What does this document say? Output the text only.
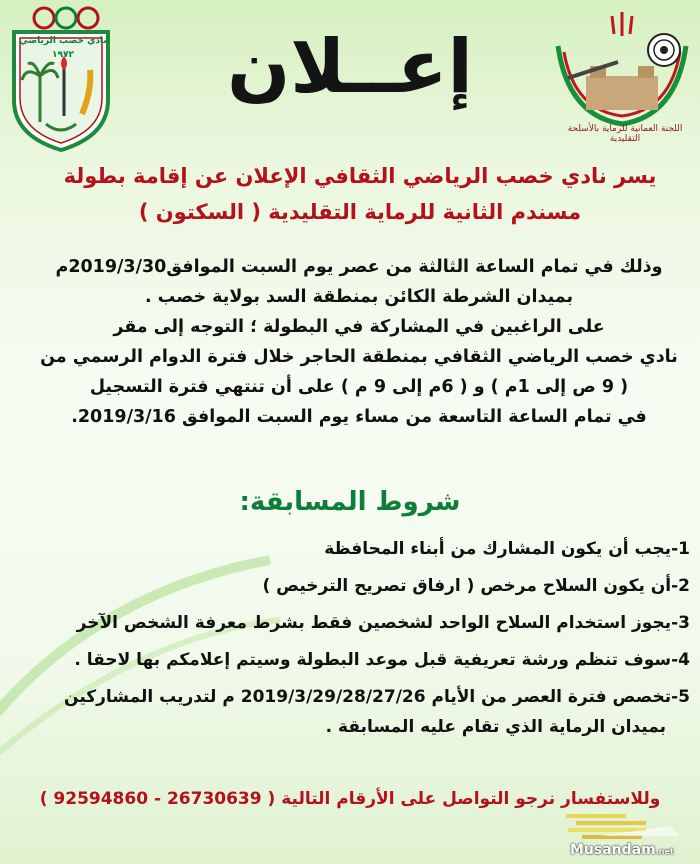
نادي خصب الرياضي
١٩٧٢	إعــلان
اللجنة العمانية للرماية بالأسلحة التقليدية
يسر نادي خصب الرياضي الثقافي الإعلان عن إقامة بطولة
مسندم الثانية للرماية التقليدية ( السكتون )
وذلك في تمام الساعة الثالثة من عصر يوم السبت الموافق2019/3/30م
بميدان الشرطة الكائن بمنطقة السد بولاية خصب .
على الراغبين في المشاركة في البطولة ؛ التوجه إلى مقر
نادي خصب الرياضي الثقافي بمنطقة الحاجر خلال فترة الدوام الرسمي من
( 9 ص إلى 1م ) و ( 6م إلى 9 م ) على أن تنتهي فترة التسجيل
في تمام الساعة التاسعة من مساء يوم السبت الموافق 2019/3/16.
شروط المسابقة:
1-يجب أن يكون المشارك من أبناء المحافظة
2-أن يكون السلاح مرخص ( ارفاق تصريح الترخيص )
3-يجوز استخدام السلاح الواحد لشخصين فقط بشرط معرفة الشخص الآخر
4-سوف تنظم ورشة تعريفية قبل موعد البطولة وسيتم إعلامكم بها لاحقا .
5-تخصص فترة العصر من الأيام 2019/3/29/28/27/26 م لتدريب المشاركين
بميدان الرماية الذي تقام عليه المسابقة .
وللاستفسار نرجو التواصل على الأرقام التالية ( 26730639 - 92594860 )
Musandam.net
